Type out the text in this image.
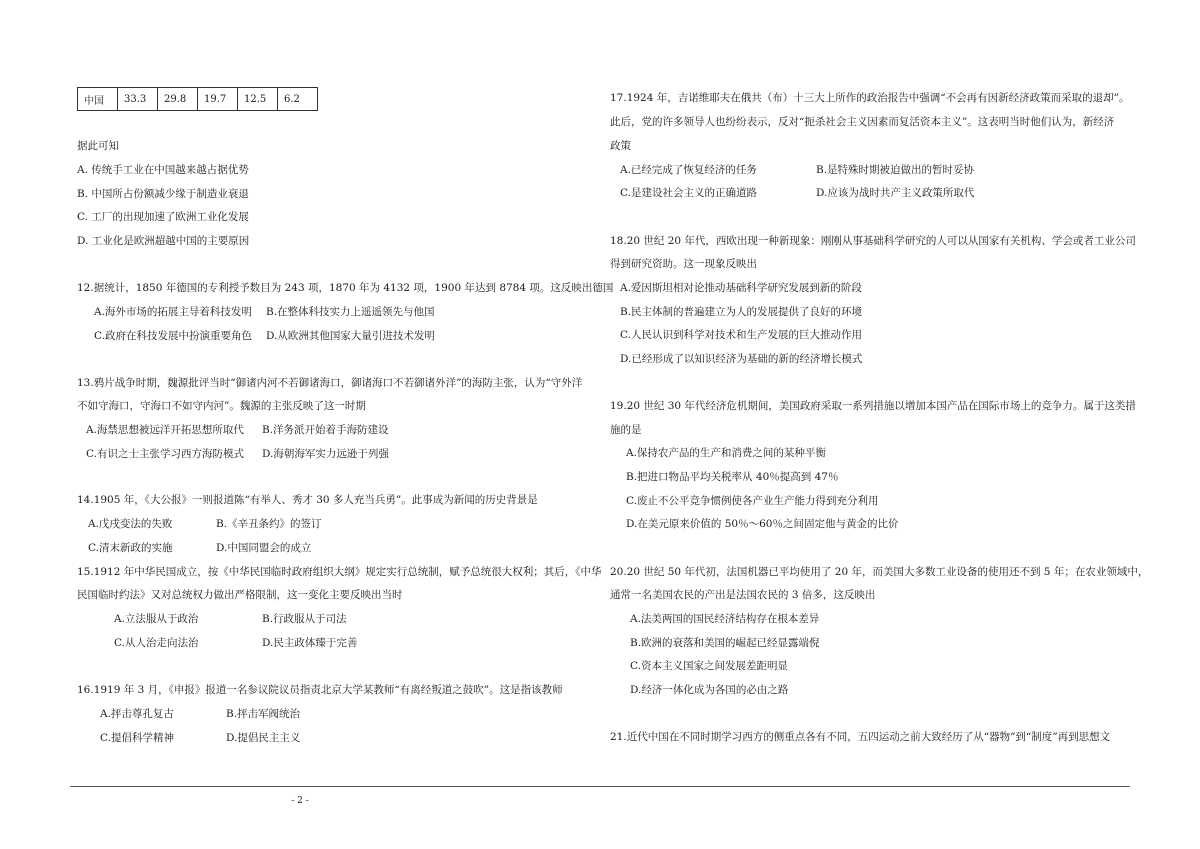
中国	33.3	29.8	19.7	12.5	6.2
据此可知
A. 传统手工业在中国越来越占据优势
B. 中国所占份额减少缘于制造业衰退
C. 工厂的出现加速了欧洲工业化发展
D. 工业化是欧洲超越中国的主要原因
12.据统计，1850 年德国的专利授予数目为 243 项，1870 年为 4132 项，1900 年达到 8784 项。这反映出德国
A.海外市场的拓展主导着科技发明 B.在整体科技实力上遥遥领先与他国
C.政府在科技发展中扮演重要角色 D.从欧洲其他国家大量引进技术发明
13.鸦片战争时期，魏源批评当时“御诸内河不若御诸海口，御诸海口不若御诸外洋”的海防主张，认为“守外洋
不如守海口，守海口不如守内河”。魏源的主张反映了这一时期
A.海禁思想被远洋开拓思想所取代 B.洋务派开始着手海防建设
C.有识之士主张学习西方海防模式 D.海朝海军实力远逊于列强
14.1905 年，《大公报》一则报道陈“有举人、秀才 30 多人充当兵勇”。此事成为新闻的历史背景是
A.戊戌变法的失败	B.《辛丑条约》的签订
C.清末新政的实施	D.中国同盟会的成立
15.1912 年中华民国成立，按《中华民国临时政府组织大纲》规定实行总统制，赋予总统很大权利；其后，《中华
民国临时约法》又对总统权力做出严格限制，这一变化主要反映出当时
A.立法服从于政治	B.行政服从于司法
C.从人治走向法治	D.民主政体臻于完善
16.1919 年 3 月，《申报》报道一名参议院议员指责北京大学某教师“有离经叛道之鼓吹”。这是指该教师
A.抨击尊孔复古	B.抨击军阀统治
C.提倡科学精神	D.提倡民主主义
17.1924 年，吉诺维耶夫在俄共（布）十三大上所作的政治报告中强调“不会再有因新经济政策而采取的退却”。
此后，党的许多领导人也纷纷表示，反对“扼杀社会主义因素而复活资本主义”。这表明当时他们认为，新经济
政策
A.已经完成了恢复经济的任务	B.是特殊时期被迫做出的暂时妥协
C.是建设社会主义的正确道路	D.应该为战时共产主义政策所取代
18.20 世纪 20 年代，西欧出现一种新现象：刚刚从事基础科学研究的人可以从国家有关机构、学会或者工业公司
得到研究资助。这一现象反映出
A.爱因斯坦相对论推动基础科学研究发展到新的阶段
B.民主体制的普遍建立为人的发展提供了良好的环境
C.人民认识到科学对技术和生产发展的巨大推动作用
D.已经形成了以知识经济为基础的新的经济增长模式
19.20 世纪 30 年代经济危机期间，美国政府采取一系列措施以增加本国产品在国际市场上的竞争力。属于这类措
施的是
A.保持农产品的生产和消费之间的某种平衡
B.把进口物品平均关税率从 40％提高到 47％
C.废止不公平竞争惯例使各产业生产能力得到充分利用
D.在美元原来价值的 50％～60％之间固定他与黄金的比价
20.20 世纪 50 年代初，法国机器已平均使用了 20 年，而美国大多数工业设备的使用还不到 5 年；在农业领域中，
通常一名美国农民的产出是法国农民的 3 倍多，这反映出
A.法美两国的国民经济结构存在根本差异
B.欧洲的衰落和美国的崛起已经显露端倪
C.资本主义国家之间发展差距明显
D.经济一体化成为各国的必由之路
21.近代中国在不同时期学习西方的侧重点各有不同，五四运动之前大致经历了从“器物”到“制度”再到思想文
- 2 -
